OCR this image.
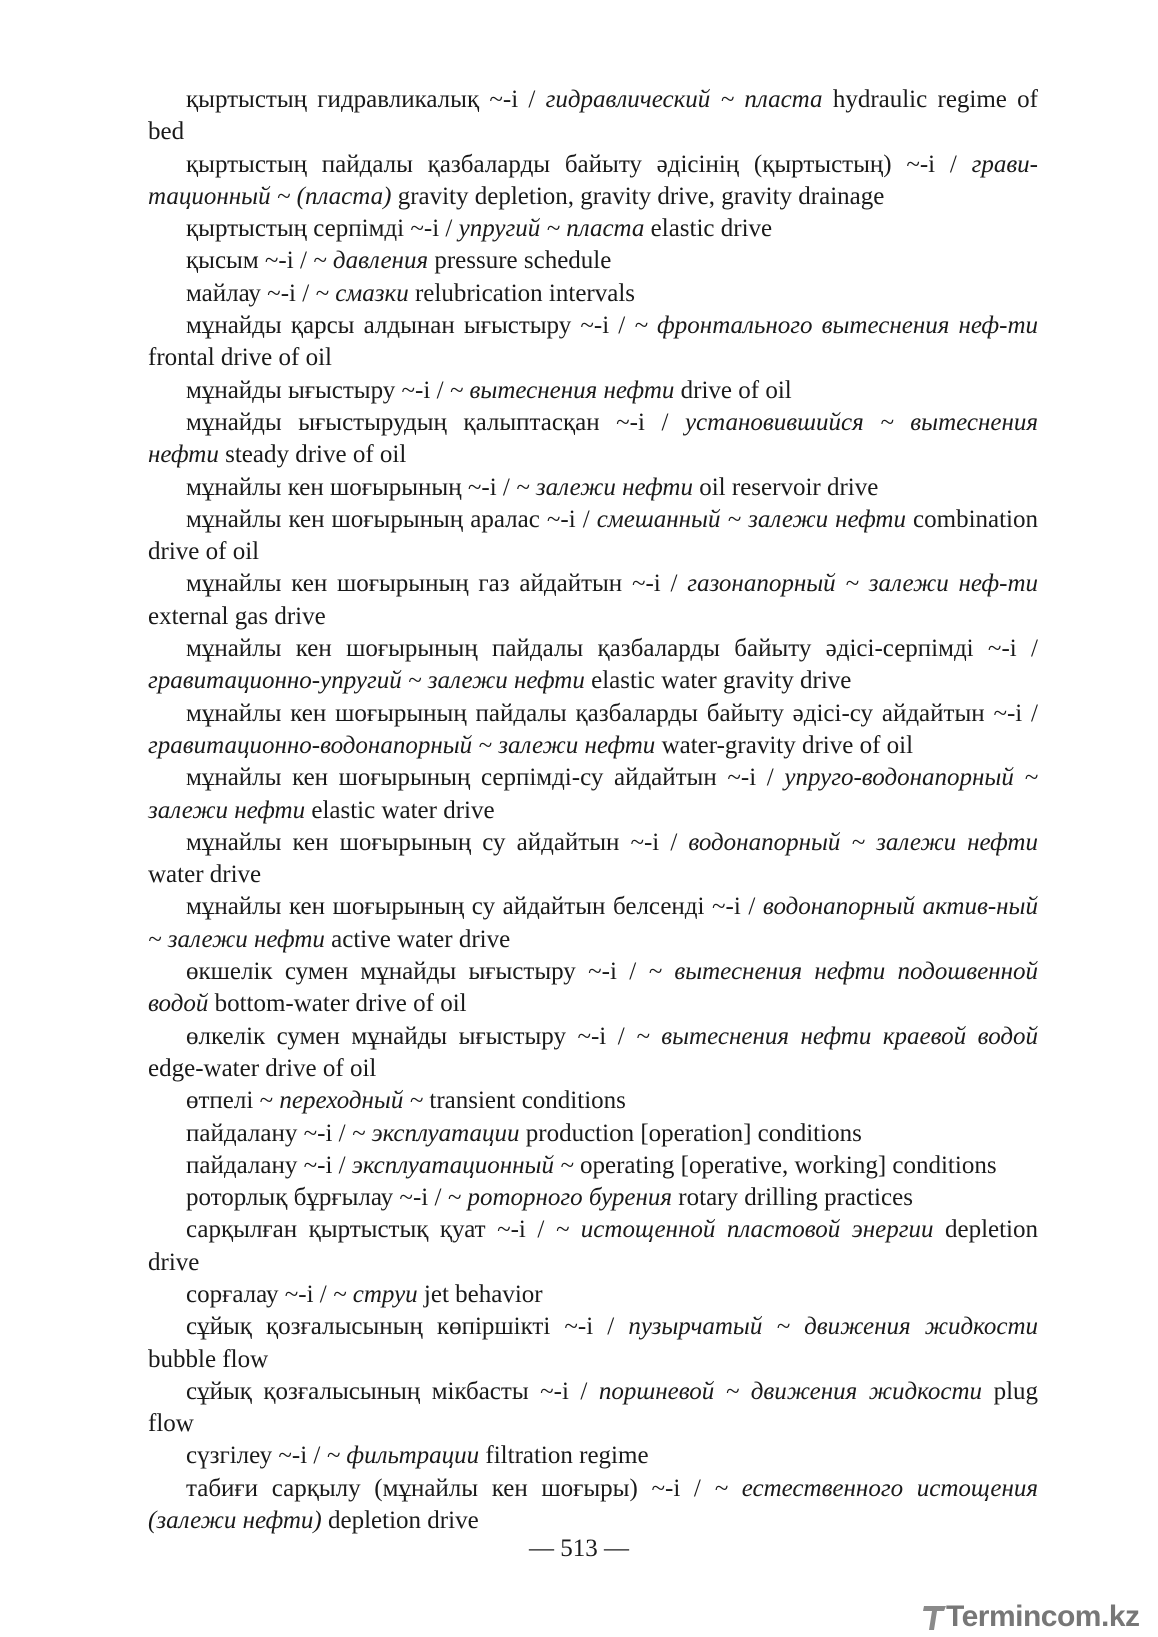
қыртыстың гидравликалық ~-і / гидравлический ~ пласта hydraulic regime of bed

қыртыстың пайдалы қазбаларды байыту әдісінің (қыртыстың) ~-і / грави-тационный ~ (пласта) gravity depletion, gravity drive, gravity drainage

қыртыстың серпімді ~-і / упругий ~ пласта elastic drive

қысым ~-і / ~ давления pressure schedule

майлау ~-і / ~ смазки relubrication intervals

мұнайды қарсы алдынан ығыстыру ~-і / ~ фронтального вытеснения неф-ти frontal drive of oil

мұнайды ығыстыру ~-і / ~ вытеснения нефти drive of oil

мұнайды ығыстырудың қалыптасқан ~-і / установившийся ~ вытеснения нефти steady drive of oil

мұнайлы кен шоғырының ~-і / ~ залежи нефти oil reservoir drive

мұнайлы кен шоғырының аралас ~-і / смешанный ~ залежи нефти combination drive of oil

мұнайлы кен шоғырының газ айдайтын ~-і / газонапорный ~ залежи неф-ти external gas drive

мұнайлы кен шоғырының пайдалы қазбаларды байыту әдісі-серпімді ~-і / гравитационно-упругий ~ залежи нефти elastic water gravity drive

мұнайлы кен шоғырының пайдалы қазбаларды байыту әдісі-су айдайтын ~-і / гравитационно-водонапорный ~ залежи нефти water-gravity drive of oil

мұнайлы кен шоғырының серпімді-су айдайтын ~-і / упруго-водонапорный ~ залежи нефти elastic water drive

мұнайлы кен шоғырының су айдайтын ~-і / водонапорный ~ залежи нефти water drive

мұнайлы кен шоғырының су айдайтын белсенді ~-і / водонапорный актив-ный ~ залежи нефти active water drive

өкшелік сумен мұнайды ығыстыру ~-і / ~ вытеснения нефти подошвенной водой bottom-water drive of oil

өлкелік сумен мұнайды ығыстыру ~-і / ~ вытеснения нефти краевой водой edge-water drive of oil

өтпелі ~ переходный ~ transient conditions

пайдалану ~-і / ~ эксплуатации production [operation] conditions

пайдалану ~-і / эксплуатационный ~ operating [operative, working] conditions

роторлық бұрғылау ~-і / ~ роторного бурения rotary drilling practices

сарқылған қыртыстық қуат ~-і / ~ истощенной пластовой энергии depletion drive

сорғалау ~-і / ~ струи jet behavior

сұйық қозғалысының көпіршікті ~-і / пузырчатый ~ движения жидкости bubble flow

сұйық қозғалысының мікбасты ~-і / поршневой ~ движения жидкости plug flow

сүзгілеу ~-і / ~ фильтрации filtration regime

табиғи сарқылу (мұнайлы кен шоғыры) ~-і / ~ естественного истощения (залежи нефти) depletion drive

— 513 —
Termincom.kz
